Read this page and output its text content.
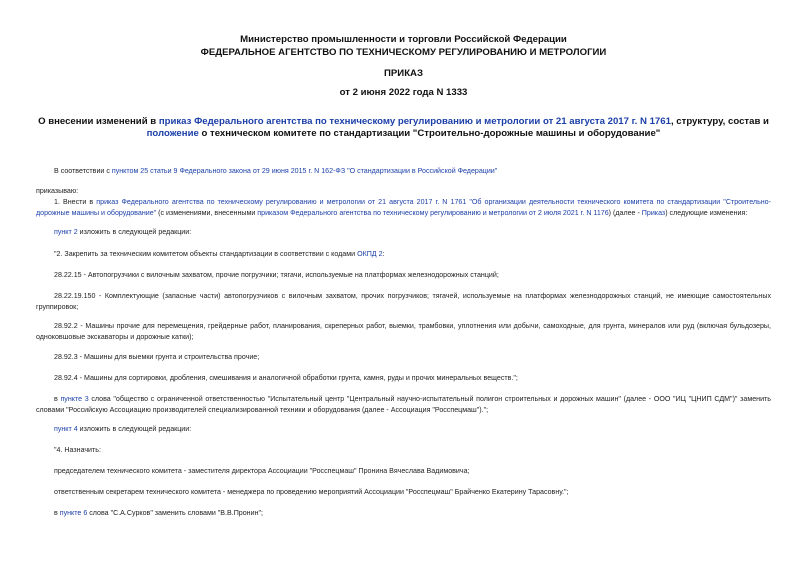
Министерство промышленности и торговли Российской Федерации
ФЕДЕРАЛЬНОЕ АГЕНТСТВО ПО ТЕХНИЧЕСКОМУ РЕГУЛИРОВАНИЮ И МЕТРОЛОГИИ
ПРИКАЗ
от 2 июня 2022 года N 1333
О внесении изменений в приказ Федерального агентства по техническому регулированию и метрологии от 21 августа 2017 г. N 1761, структуру, состав и положение о техническом комитете по стандартизации "Строительно-дорожные машины и оборудование"
В соответствии с пунктом 25 статьи 9 Федерального закона от 29 июня 2015 г. N 162-ФЗ "О стандартизации в Российской Федерации"
приказываю:
1. Внести в приказ Федерального агентства по техническому регулированию и метрологии от 21 августа 2017 г. N 1761 "Об организации деятельности технического комитета по стандартизации "Строительно-дорожные машины и оборудование" (с изменениями, внесенными приказом Федерального агентства по техническому регулированию и метрологии от 2 июля 2021 г. N 1176) (далее - Приказ) следующие изменения:
пункт 2 изложить в следующей редакции:
"2. Закрепить за техническим комитетом объекты стандартизации в соответствии с кодами ОКПД 2:
28.22.15 - Автопогрузчики с вилочным захватом, прочие погрузчики; тягачи, используемые на платформах железнодорожных станций;
28.22.19.150 - Комплектующие (запасные части) автопогрузчиков с вилочным захватом, прочих погрузчиков; тягачей, используемые на платформах железнодорожных станций, не имеющие самостоятельных группировок;
28.92.2 - Машины прочие для перемещения, грейдерные работ, планирования, скреперных работ, выемки, трамбовки, уплотнения или добычи, самоходные, для грунта, минералов или руд (включая бульдозеры, одноковшовые экскаваторы и дорожные катки);
28.92.3 - Машины для выемки грунта и строительства прочие;
28.92.4 - Машины для сортировки, дробления, смешивания и аналогичной обработки грунта, камня, руды и прочих минеральных веществ.";
в пункте 3 слова "общество с ограниченной ответственностью "Испытательный центр "Центральный научно-испытательный полигон строительных и дорожных машин" (далее - ООО "ИЦ "ЦНИП СДМ")" заменить словами "Российскую Ассоциацию производителей специализированной техники и оборудования (далее - Ассоциация "Росспецмаш").";
пункт 4 изложить в следующей редакции:
"4. Назначить:
председателем технического комитета - заместителя директора Ассоциации "Росспецмаш" Пронина Вячеслава Вадимовича;
ответственным секретарем технического комитета - менеджера по проведению мероприятий Ассоциации "Росспецмаш" Брайченко Екатерину Тарасовну.";
в пункте 6 слова "С.А.Сурков" заменить словами "В.В.Пронин";
